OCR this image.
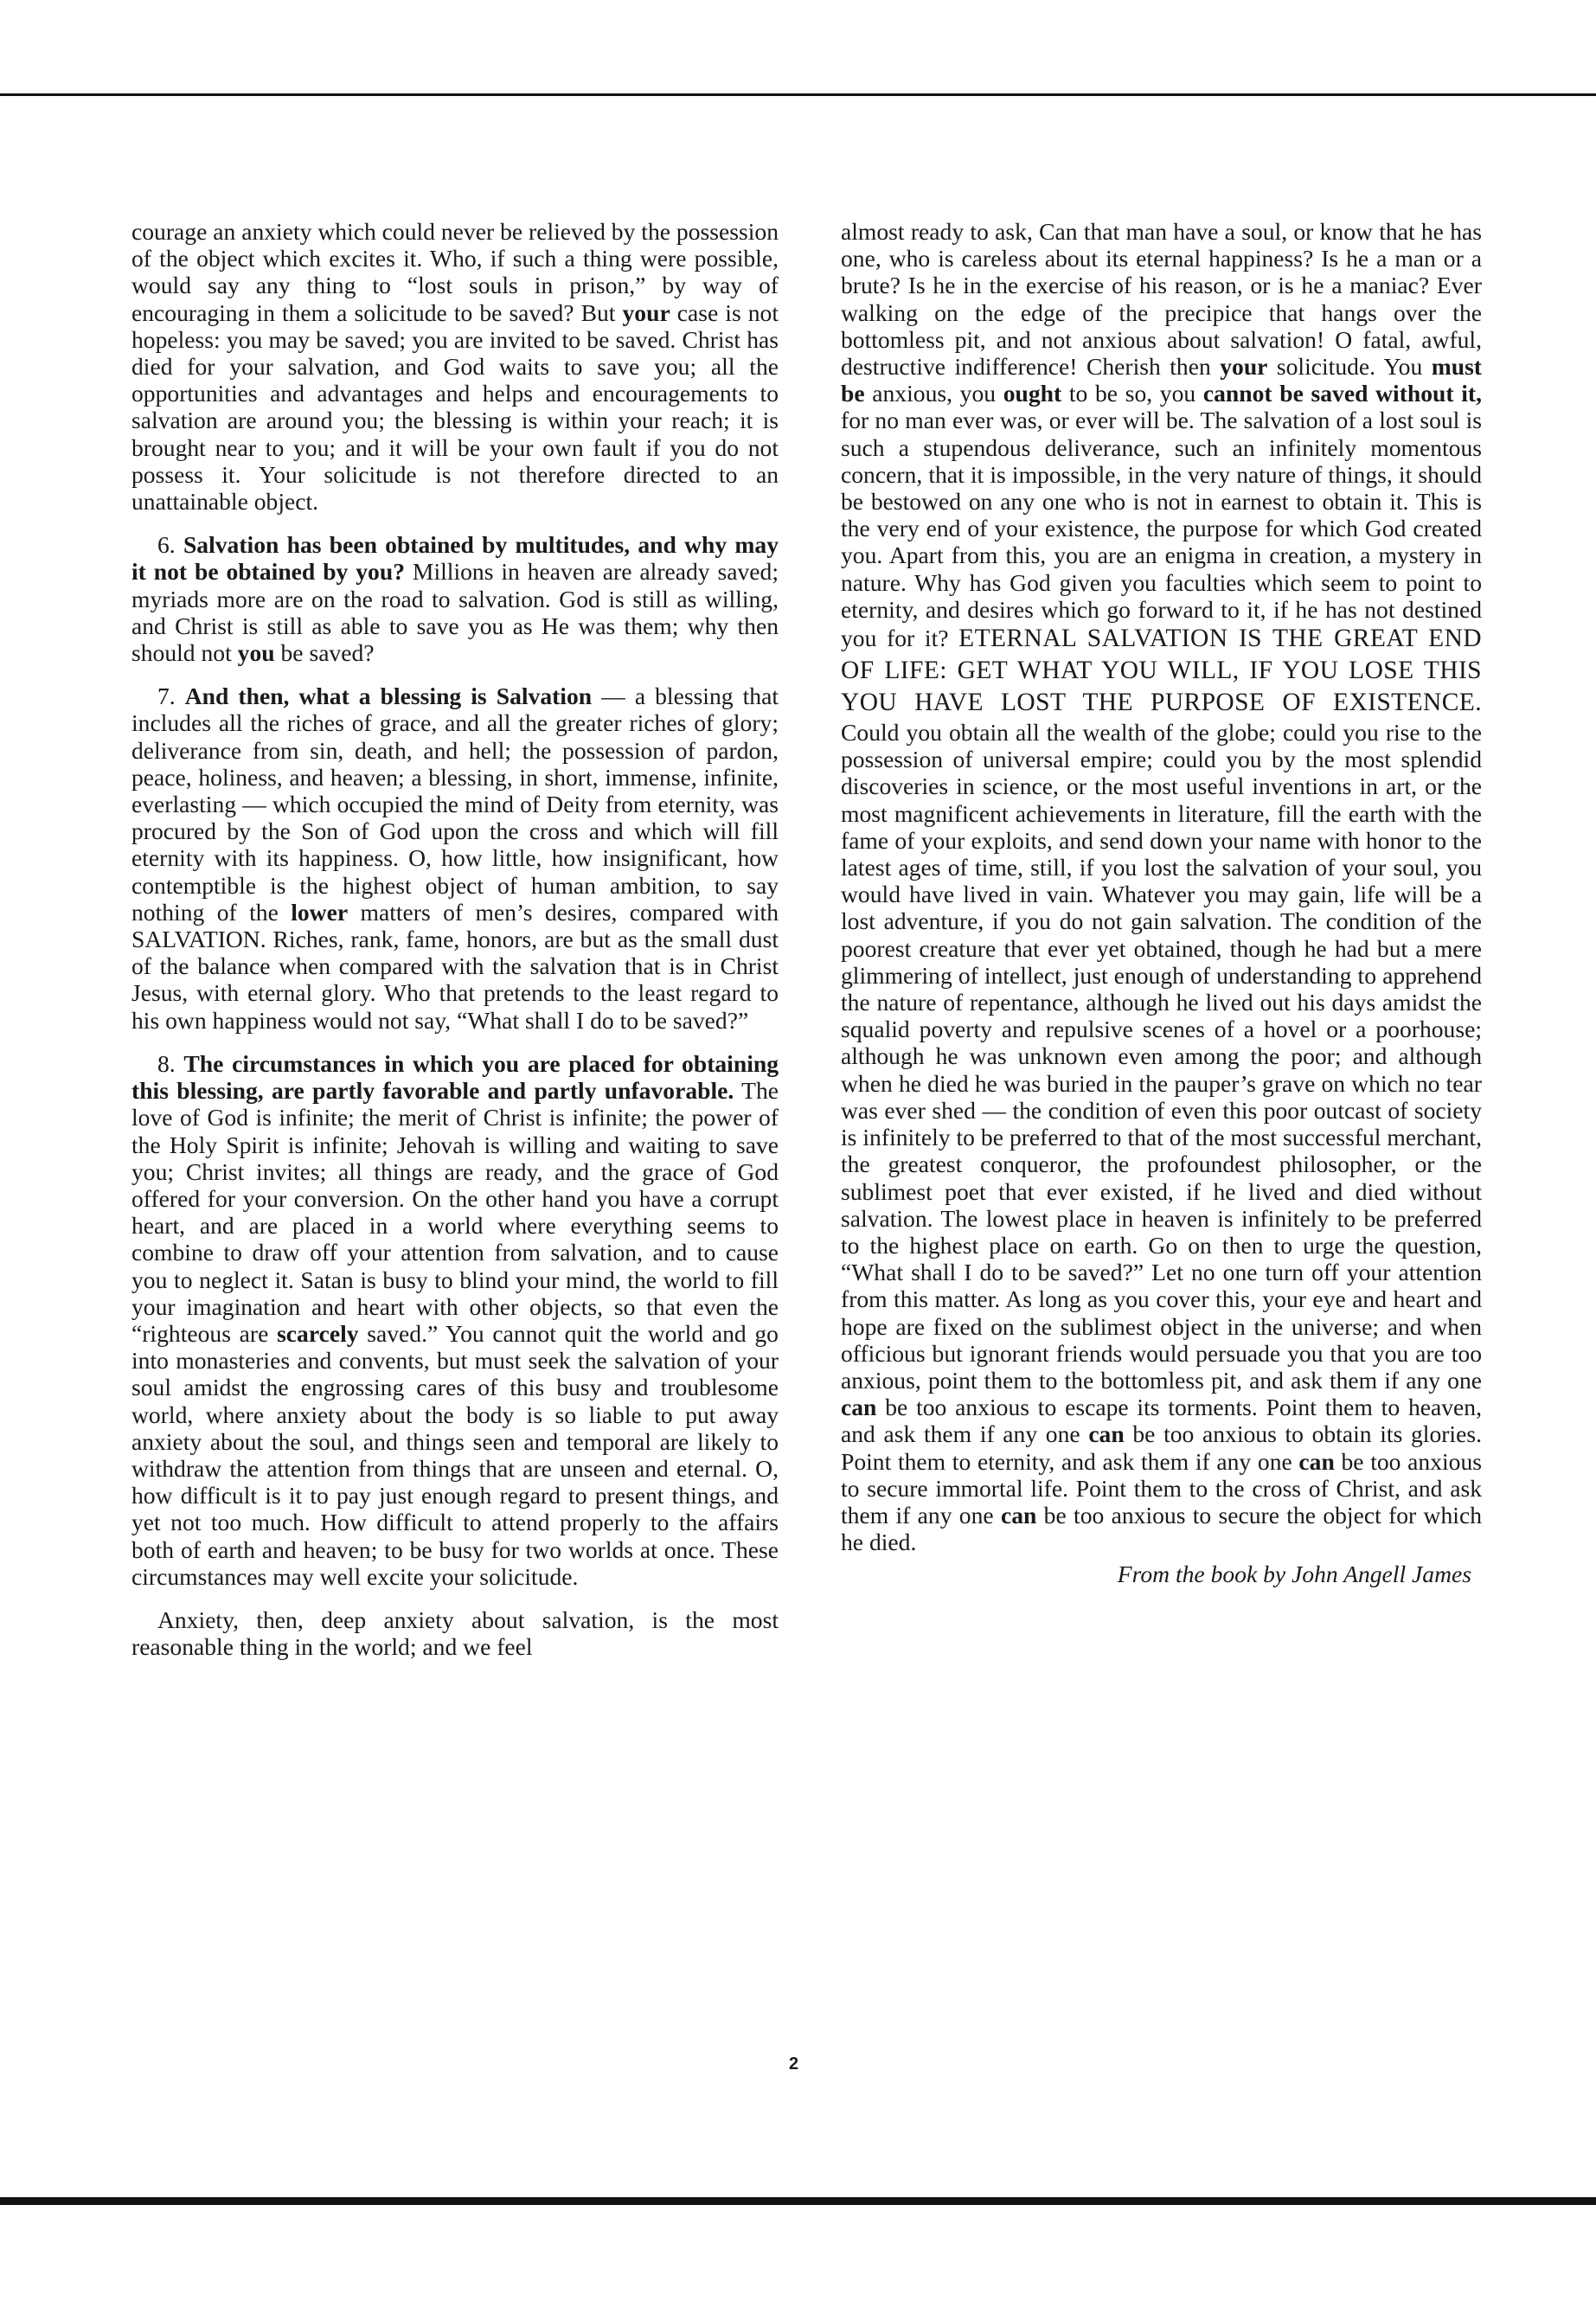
courage an anxiety which could never be relieved by the possession of the object which excites it. Who, if such a thing were possible, would say any thing to “lost souls in prison,” by way of encouraging in them a solicitude to be saved? But your case is not hopeless: you may be saved; you are invited to be saved. Christ has died for your salvation, and God waits to save you; all the opportunities and advantages and helps and encouragements to salvation are around you; the blessing is within your reach; it is brought near to you; and it will be your own fault if you do not possess it. Your solicitude is not therefore directed to an unattainable object.

6. Salvation has been obtained by multitudes, and why may it not be obtained by you? Millions in heaven are already saved; myriads more are on the road to salvation. God is still as willing, and Christ is still as able to save you as He was them; why then should not you be saved?

7. And then, what a blessing is Salvation — a blessing that includes all the riches of grace, and all the greater riches of glory; deliverance from sin, death, and hell; the possession of pardon, peace, holiness, and heaven; a blessing, in short, immense, infinite, everlasting — which occupied the mind of Deity from eternity, was procured by the Son of God upon the cross and which will fill eternity with its happiness. O, how little, how insignificant, how contemptible is the highest object of human ambition, to say nothing of the lower matters of men’s desires, compared with SALVATION. Riches, rank, fame, honors, are but as the small dust of the balance when compared with the salvation that is in Christ Jesus, with eternal glory. Who that pretends to the least regard to his own happiness would not say, “What shall I do to be saved?”

8. The circumstances in which you are placed for obtaining this blessing, are partly favorable and partly unfavorable. The love of God is infinite; the merit of Christ is infinite; the power of the Holy Spirit is infinite; Jehovah is willing and waiting to save you; Christ invites; all things are ready, and the grace of God offered for your conversion. On the other hand you have a corrupt heart, and are placed in a world where everything seems to combine to draw off your attention from salvation, and to cause you to neglect it. Satan is busy to blind your mind, the world to fill your imagination and heart with other objects, so that even the “righteous are scarcely saved.” You cannot quit the world and go into monasteries and convents, but must seek the salvation of your soul amidst the engrossing cares of this busy and troublesome world, where anxiety about the body is so liable to put away anxiety about the soul, and things seen and temporal are likely to withdraw the attention from things that are unseen and eternal. O, how difficult is it to pay just enough regard to present things, and yet not too much. How difficult to attend properly to the affairs both of earth and heaven; to be busy for two worlds at once. These circumstances may well excite your solicitude.

Anxiety, then, deep anxiety about salvation, is the most reasonable thing in the world; and we feel

almost ready to ask, Can that man have a soul, or know that he has one, who is careless about its eternal happiness? Is he a man or a brute? Is he in the exercise of his reason, or is he a maniac? Ever walking on the edge of the precipice that hangs over the bottomless pit, and not anxious about salvation! O fatal, awful, destructive indifference! Cherish then your solicitude. You must be anxious, you ought to be so, you cannot be saved without it, for no man ever was, or ever will be. The salvation of a lost soul is such a stupendous deliverance, such an infinitely momentous concern, that it is impossible, in the very nature of things, it should be bestowed on any one who is not in earnest to obtain it. This is the very end of your existence, the purpose for which God created you. Apart from this, you are an enigma in creation, a mystery in nature. Why has God given you faculties which seem to point to eternity, and desires which go forward to it, if he has not destined you for it? ETERNAL SALVATION IS THE GREAT END OF LIFE: GET WHAT YOU WILL, IF YOU LOSE THIS YOU HAVE LOST THE PURPOSE OF EXISTENCE. Could you obtain all the wealth of the globe; could you rise to the possession of universal empire; could you by the most splendid discoveries in science, or the most useful inventions in art, or the most magnificent achievements in literature, fill the earth with the fame of your exploits, and send down your name with honor to the latest ages of time, still, if you lost the salvation of your soul, you would have lived in vain. Whatever you may gain, life will be a lost adventure, if you do not gain salvation. The condition of the poorest creature that ever yet obtained, though he had but a mere glimmering of intellect, just enough of understanding to apprehend the nature of repentance, although he lived out his days amidst the squalid poverty and repulsive scenes of a hovel or a poorhouse; although he was unknown even among the poor; and although when he died he was buried in the pauper’s grave on which no tear was ever shed — the condition of even this poor outcast of society is infinitely to be preferred to that of the most successful merchant, the greatest conqueror, the profoundest philosopher, or the sublimest poet that ever existed, if he lived and died without salvation. The lowest place in heaven is infinitely to be preferred to the highest place on earth. Go on then to urge the question, “What shall I do to be saved?” Let no one turn off your attention from this matter. As long as you cover this, your eye and heart and hope are fixed on the sublimest object in the universe; and when officious but ignorant friends would persuade you that you are too anxious, point them to the bottomless pit, and ask them if any one can be too anxious to escape its torments. Point them to heaven, and ask them if any one can be too anxious to obtain its glories. Point them to eternity, and ask them if any one can be too anxious to secure immortal life. Point them to the cross of Christ, and ask them if any one can be too anxious to secure the object for which he died.

From the book by John Angell James

2
